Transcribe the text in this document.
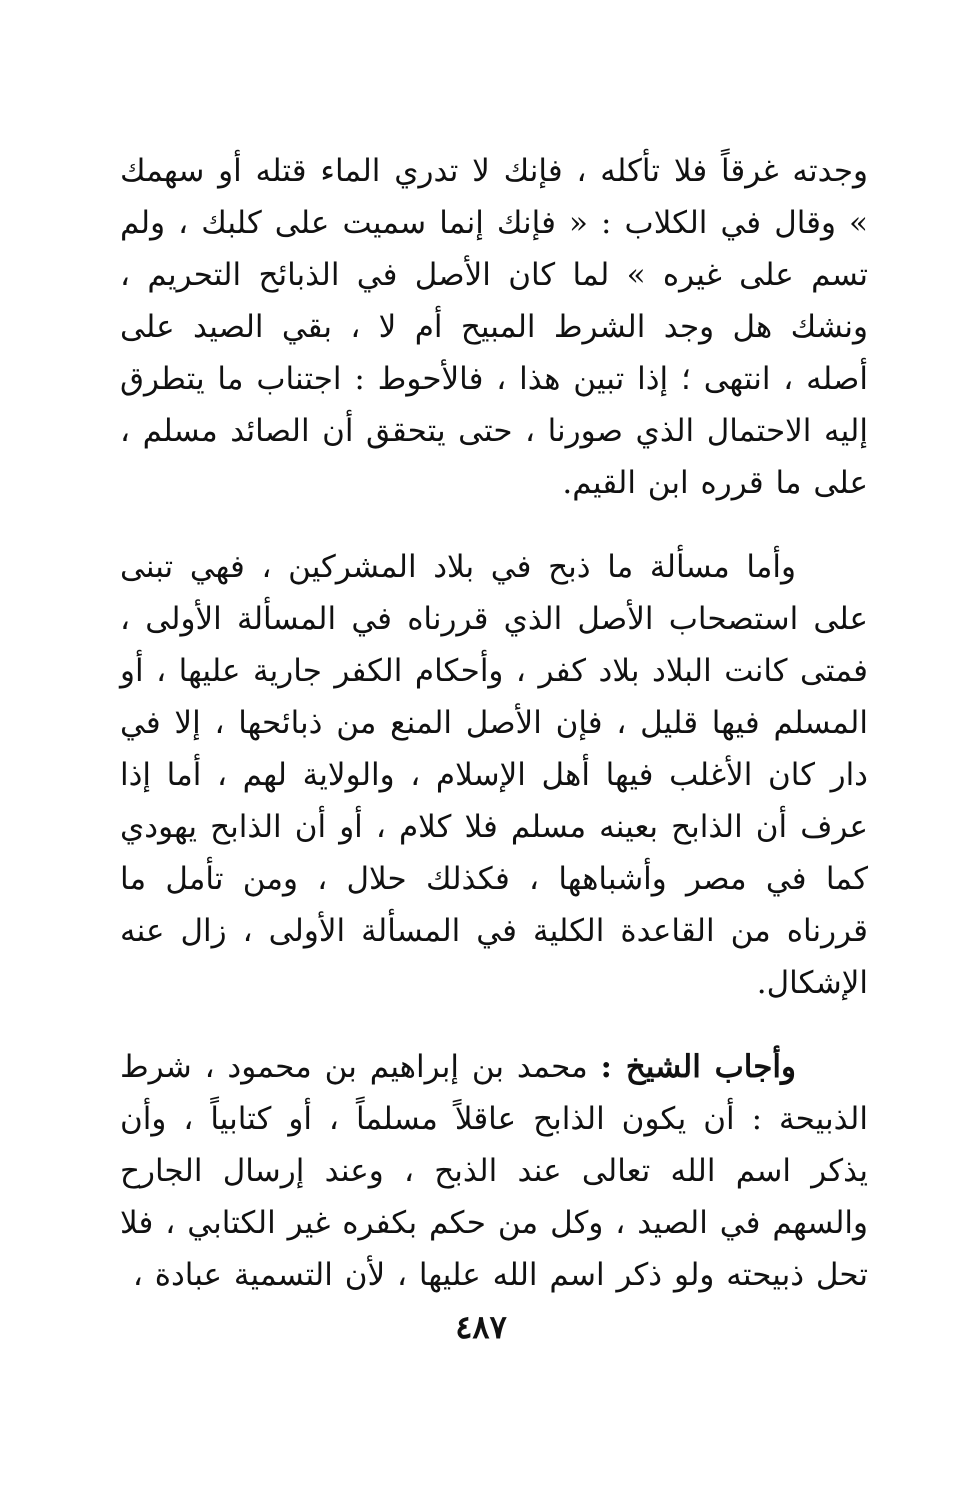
وجدته غرقاً فلا تأكله ، فإنك لا تدري الماء قتله أو سهمك » وقال في الكلاب : « فإنك إنما سميت على كلبك ، ولم تسم على غيره » لما كان الأصل في الذبائح التحريم ، ونشك هل وجد الشرط المبيح أم لا ، بقي الصيد على أصله ، انتهى ؛ إذا تبين هذا ، فالأحوط : اجتناب ما يتطرق إليه الاحتمال الذي صورنا ، حتى يتحقق أن الصائد مسلم ، على ما قرره ابن القيم.

وأما مسألة ما ذبح في بلاد المشركين ، فهي تبنى على استصحاب الأصل الذي قررناه في المسألة الأولى ، فمتى كانت البلاد بلاد كفر ، وأحكام الكفر جارية عليها ، أو المسلم فيها قليل ، فإن الأصل المنع من ذبائحها ، إلا في دار كان الأغلب فيها أهل الإسلام ، والولاية لهم ، أما إذا عرف أن الذابح بعينه مسلم فلا كلام ، أو أن الذابح يهودي كما في مصر وأشباهها ، فكذلك حلال ، ومن تأمل ما قررناه من القاعدة الكلية في المسألة الأولى ، زال عنه الإشكال.

وأجاب الشيخ : محمد بن إبراهيم بن محمود ، شرط الذبيحة : أن يكون الذابح عاقلاً مسلماً ، أو كتابياً ، وأن يذكر اسم الله تعالى عند الذبح ، وعند إرسال الجارح والسهم في الصيد ، وكل من حكم بكفره غير الكتابي ، فلا تحل ذبيحته ولو ذكر اسم الله عليها ، لأن التسمية عبادة ،

٤٨٧
